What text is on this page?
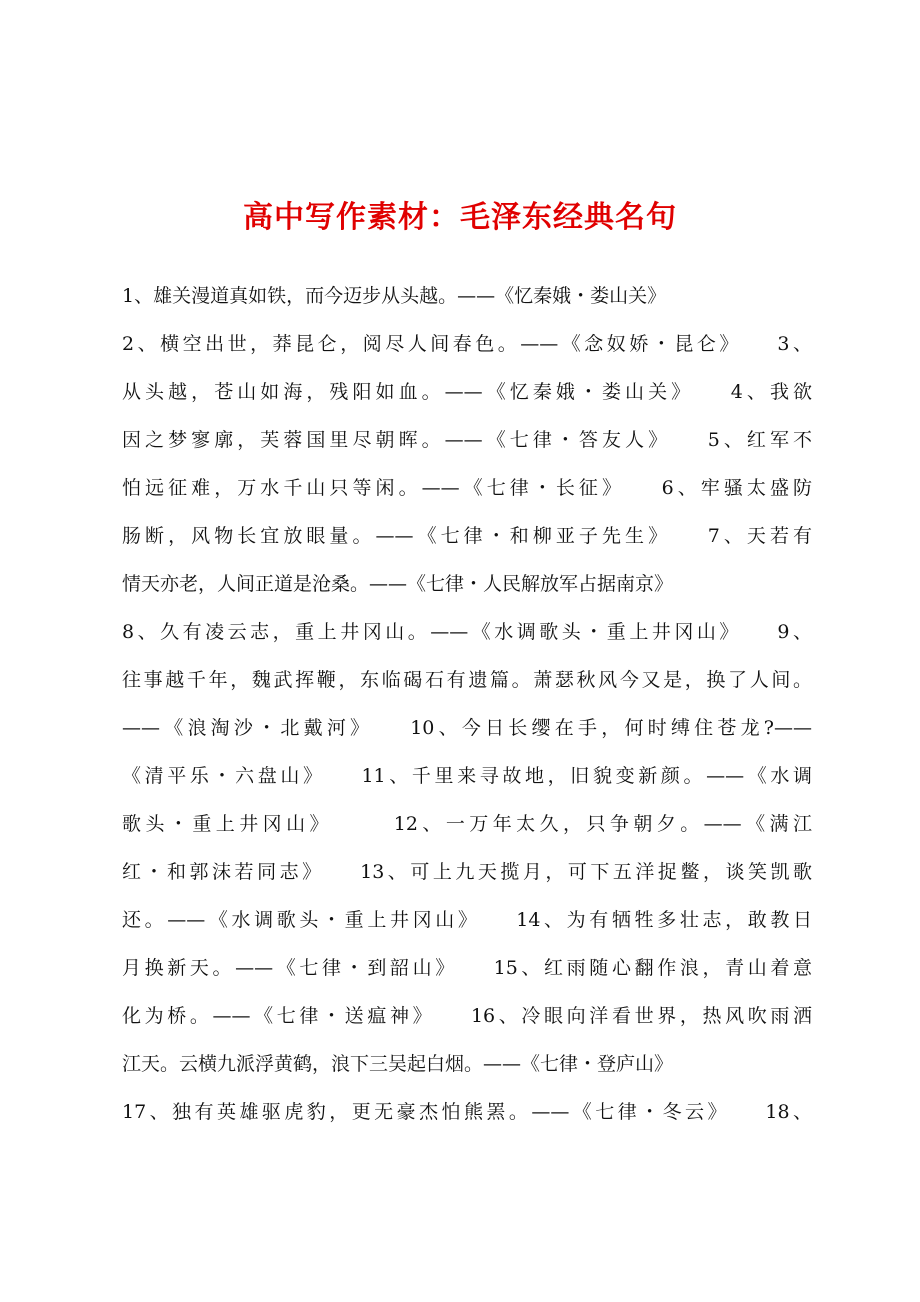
高中写作素材：毛泽东经典名句
1、雄关漫道真如铁，而今迈步从头越。——《忆秦娥・娄山关》
2、横空出世，莽昆仑，阅尽人间春色。——《念奴娇・昆仑》　　3、
从头越，苍山如海，残阳如血。——《忆秦娥・娄山关》　　4、我欲
因之梦寥廓，芙蓉国里尽朝晖。——《七律・答友人》　　5、红军不
怕远征难，万水千山只等闲。——《七律・长征》　　6、牢骚太盛防
肠断，风物长宜放眼量。——《七律・和柳亚子先生》　　7、天若有
情天亦老，人间正道是沧桑。——《七律・人民解放军占据南京》
8、久有凌云志，重上井冈山。——《水调歌头・重上井冈山》　　9、
往事越千年，魏武挥鞭，东临碣石有遗篇。萧瑟秋风今又是，换了人间。
——《浪淘沙・北戴河》　　10、今日长缨在手，何时缚住苍龙?——
《清平乐・六盘山》　　11、千里来寻故地，旧貌变新颜。——《水调
歌头・重上井冈山》　　　12、一万年太久，只争朝夕。——《满江
红・和郭沫若同志》　　13、可上九天揽月，可下五洋捉鳖，谈笑凯歌
还。——《水调歌头・重上井冈山》　　14、为有牺牲多壮志，敢教日
月换新天。——《七律・到韶山》　　15、红雨随心翻作浪，青山着意
化为桥。——《七律・送瘟神》　　16、冷眼向洋看世界，热风吹雨洒
江天。云横九派浮黄鹤，浪下三吴起白烟。——《七律・登庐山》
17、独有英雄驱虎豹，更无豪杰怕熊罴。——《七律・冬云》　　18、
